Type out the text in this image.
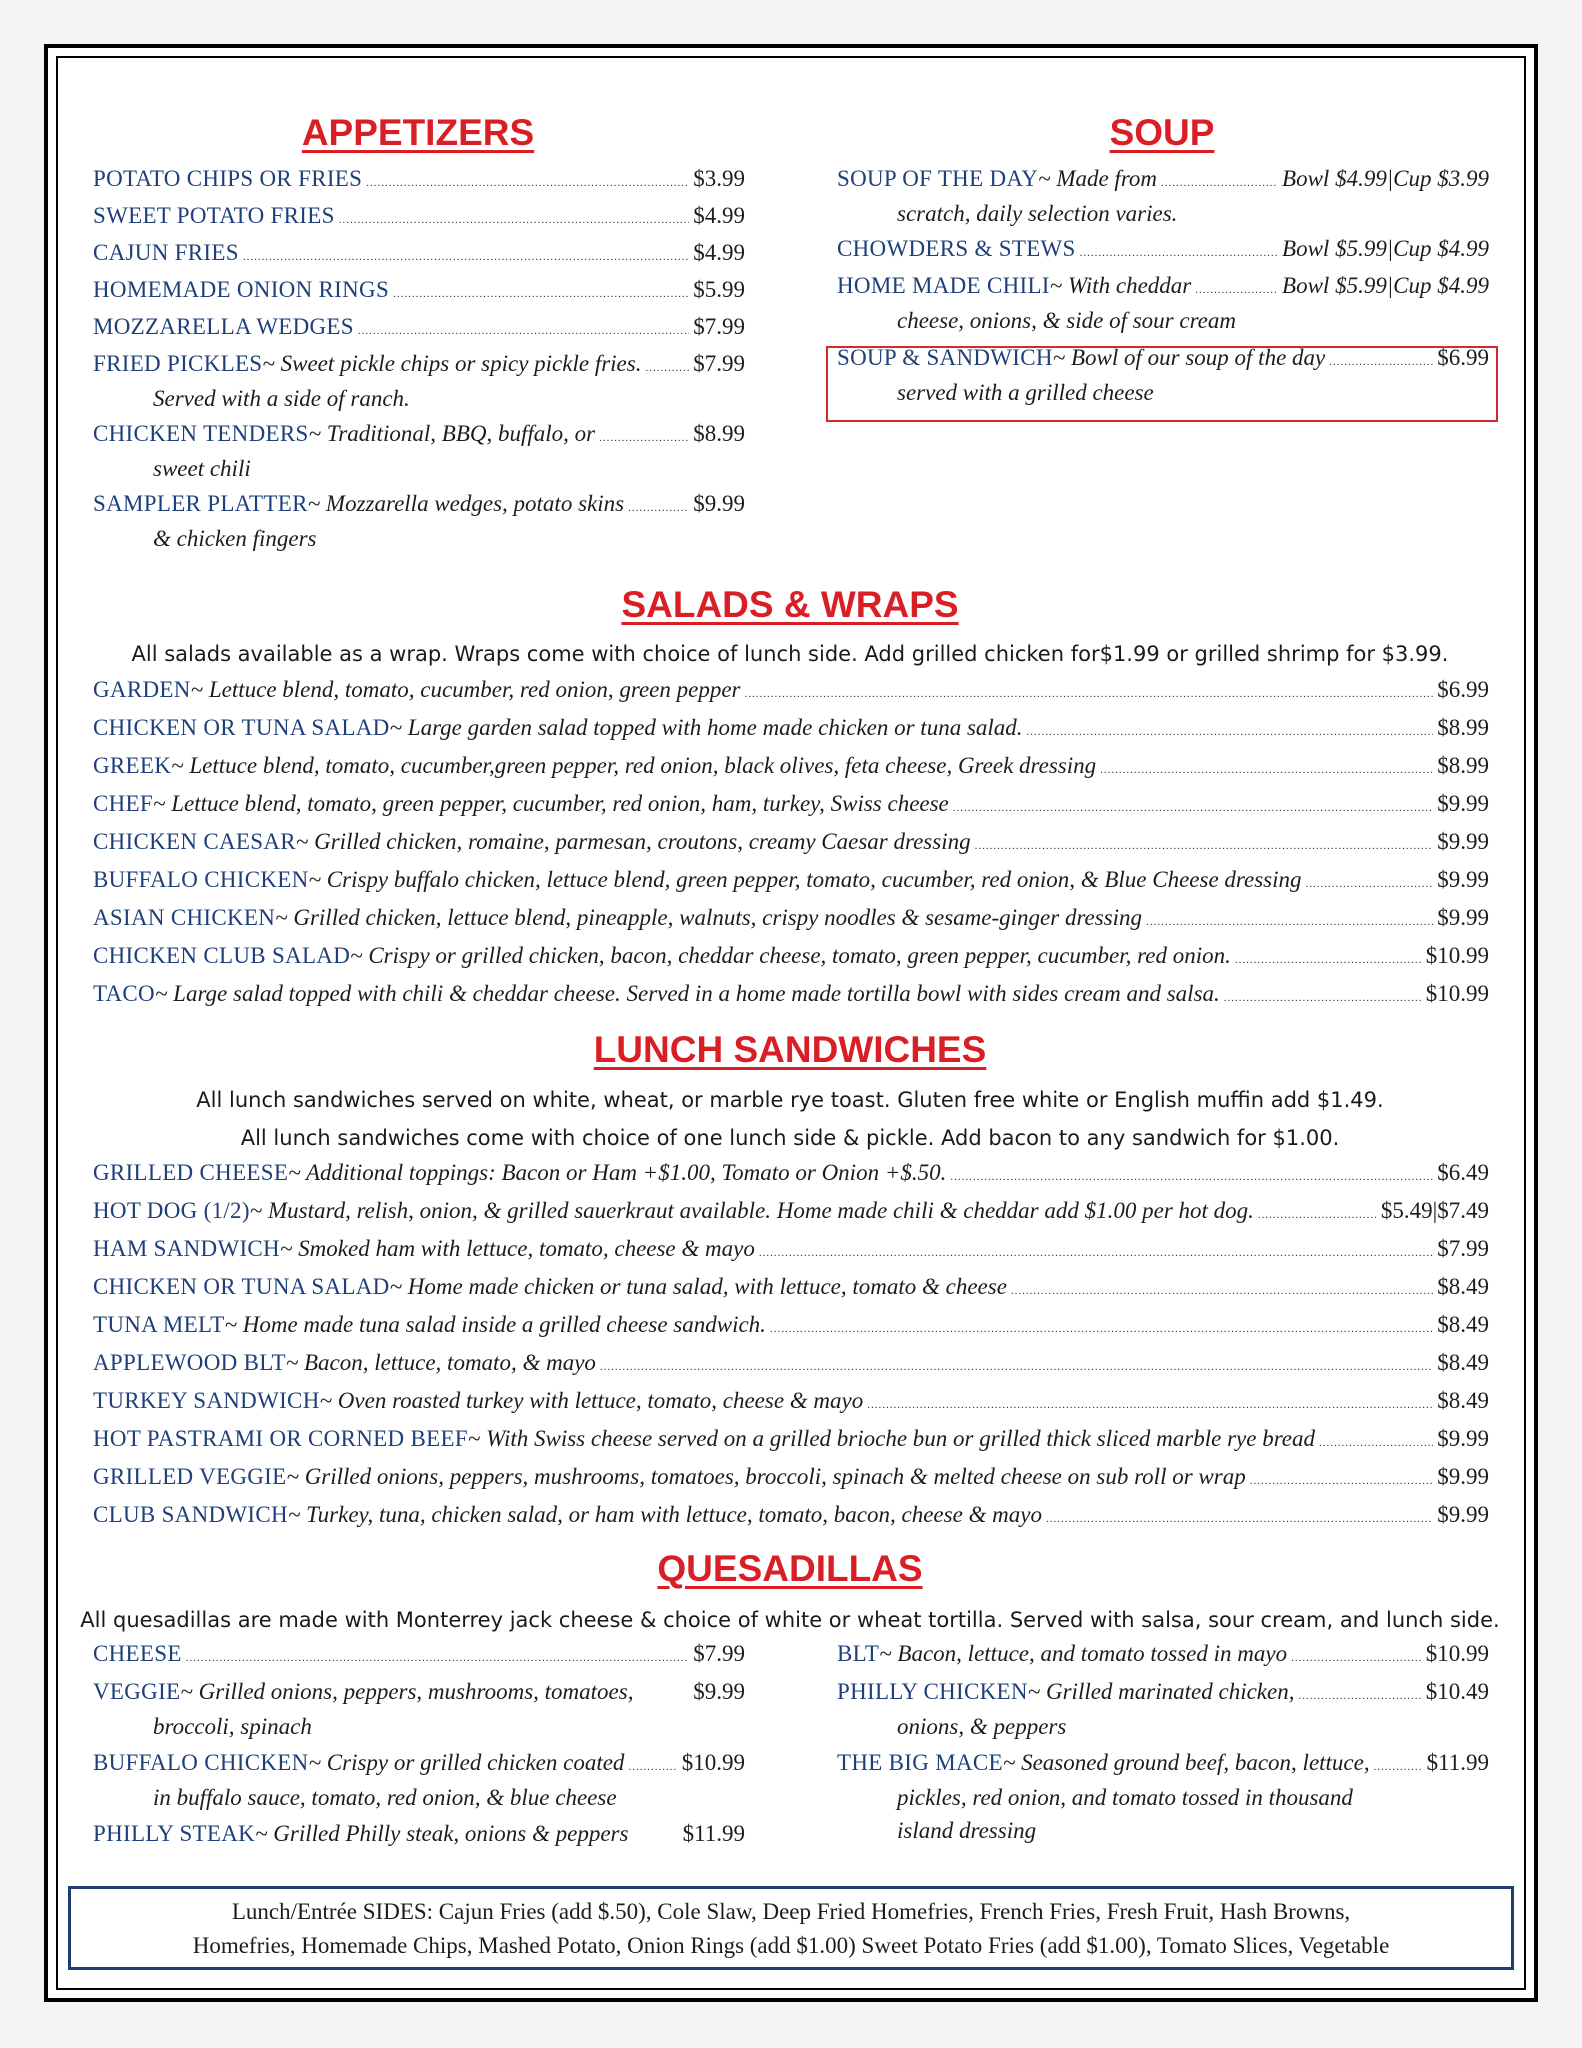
APPETIZERS
POTATO CHIPS OR FRIES .....	$3.99
SWEET POTATO FRIES .....	$4.99
CAJUN FRIES .....	$4.99
HOMEMADE ONION RINGS .....	$5.99
MOZZARELLA WEDGES .....	$7.99
FRIED PICKLES ~ Sweet pickle chips or spicy pickle fries. ..... $7.99
Served with a side of ranch.
CHICKEN TENDERS ~ Traditional, BBQ, buffalo, or .....	$8.99
sweet chili
SAMPLER PLATTER ~ Mozzarella wedges, potato skins .....	$9.99
& chicken fingers
SOUP
SOUP OF THE DAY ~ Made from .....	Bowl $4.99|Cup $3.99
scratch, daily selection varies.
CHOWDERS & STEWS .....	Bowl $5.99|Cup $4.99
HOME MADE CHILI ~ With cheddar .....	Bowl $5.99|Cup $4.99
cheese, onions, & side of sour cream
SOUP & SANDWICH ~ Bowl of our soup of the day .....	$6.99
served with a grilled cheese
SALADS & WRAPS
All salads available as a wrap. Wraps come with choice of lunch side. Add grilled chicken for$1.99 or grilled shrimp for $3.99.
GARDEN ~ Lettuce blend, tomato, cucumber, red onion, green pepper .....	$6.99
CHICKEN OR TUNA SALAD ~ Large garden salad topped with home made chicken or tuna salad. .....	$8.99
GREEK ~ Lettuce blend, tomato, cucumber,green pepper, red onion, black olives, feta cheese, Greek dressing .....	$8.99
CHEF ~ Lettuce blend, tomato, green pepper, cucumber, red onion, ham, turkey, Swiss cheese .....	$9.99
CHICKEN CAESAR ~ Grilled chicken, romaine, parmesan, croutons, creamy Caesar dressing .....	$9.99
BUFFALO CHICKEN ~ Crispy buffalo chicken, lettuce blend, green pepper, tomato, cucumber, red onion, & Blue Cheese dressing .....	$9.99
ASIAN CHICKEN ~ Grilled chicken, lettuce blend, pineapple, walnuts, crispy noodles & sesame-ginger dressing .....	$9.99
CHICKEN CLUB SALAD ~ Crispy or grilled chicken, bacon, cheddar cheese, tomato, green pepper, cucumber, red onion. .....	$10.99
TACO ~ Large salad topped with chili & cheddar cheese. Served in a home made tortilla bowl with sides cream and salsa. .....	$10.99
LUNCH SANDWICHES
All lunch sandwiches served on white, wheat, or marble rye toast. Gluten free white or English muffin add $1.49.
All lunch sandwiches come with choice of one lunch side & pickle. Add bacon to any sandwich for $1.00.
GRILLED CHEESE ~ Additional toppings: Bacon or Ham +$1.00, Tomato or Onion +$.50. .....	$6.49
HOT DOG (1/2) ~ Mustard, relish, onion, & grilled sauerkraut available. Home made chili & cheddar add $1.00 per hot dog. .....	$5.49|$7.49
HAM SANDWICH ~ Smoked ham with lettuce, tomato, cheese & mayo .....	$7.99
CHICKEN OR TUNA SALAD ~ Home made chicken or tuna salad, with lettuce, tomato & cheese .....	$8.49
TUNA MELT ~ Home made tuna salad inside a grilled cheese sandwich. .....	$8.49
APPLEWOOD BLT ~ Bacon, lettuce, tomato, & mayo .....	$8.49
TURKEY SANDWICH ~ Oven roasted turkey with lettuce, tomato, cheese & mayo .....	$8.49
HOT PASTRAMI OR CORNED BEEF ~ With Swiss cheese served on a grilled brioche bun or grilled thick sliced marble rye bread .....	$9.99
GRILLED VEGGIE ~ Grilled onions, peppers, mushrooms, tomatoes, broccoli, spinach & melted cheese on sub roll or wrap .....	$9.99
CLUB SANDWICH ~ Turkey, tuna, chicken salad, or ham with lettuce, tomato, bacon, cheese & mayo .....	$9.99
QUESADILLAS
All quesadillas are made with Monterrey jack cheese & choice of white or wheat tortilla. Served with salsa, sour cream, and lunch side.
CHEESE .....	$7.99
VEGGIE ~ Grilled onions, peppers, mushrooms, tomatoes,	$9.99
broccoli, spinach
BUFFALO CHICKEN ~ Crispy or grilled chicken coated ..... $10.99
in buffalo sauce, tomato, red onion, & blue cheese
PHILLY STEAK ~ Grilled Philly steak, onions & peppers $11.99
BLT ~ Bacon, lettuce, and tomato tossed in mayo .....	$10.99
PHILLY CHICKEN ~ Grilled marinated chicken, .....	$10.49
onions, & peppers
THE BIG MACE ~ Seasoned ground beef, bacon, lettuce, ..... $11.99
pickles, red onion, and tomato tossed in thousand
island dressing
Lunch/Entrée SIDES: Cajun Fries (add $.50), Cole Slaw, Deep Fried Homefries, French Fries, Fresh Fruit, Hash Browns,
Homefries, Homemade Chips, Mashed Potato, Onion Rings (add $1.00) Sweet Potato Fries (add $1.00), Tomato Slices, Vegetable
